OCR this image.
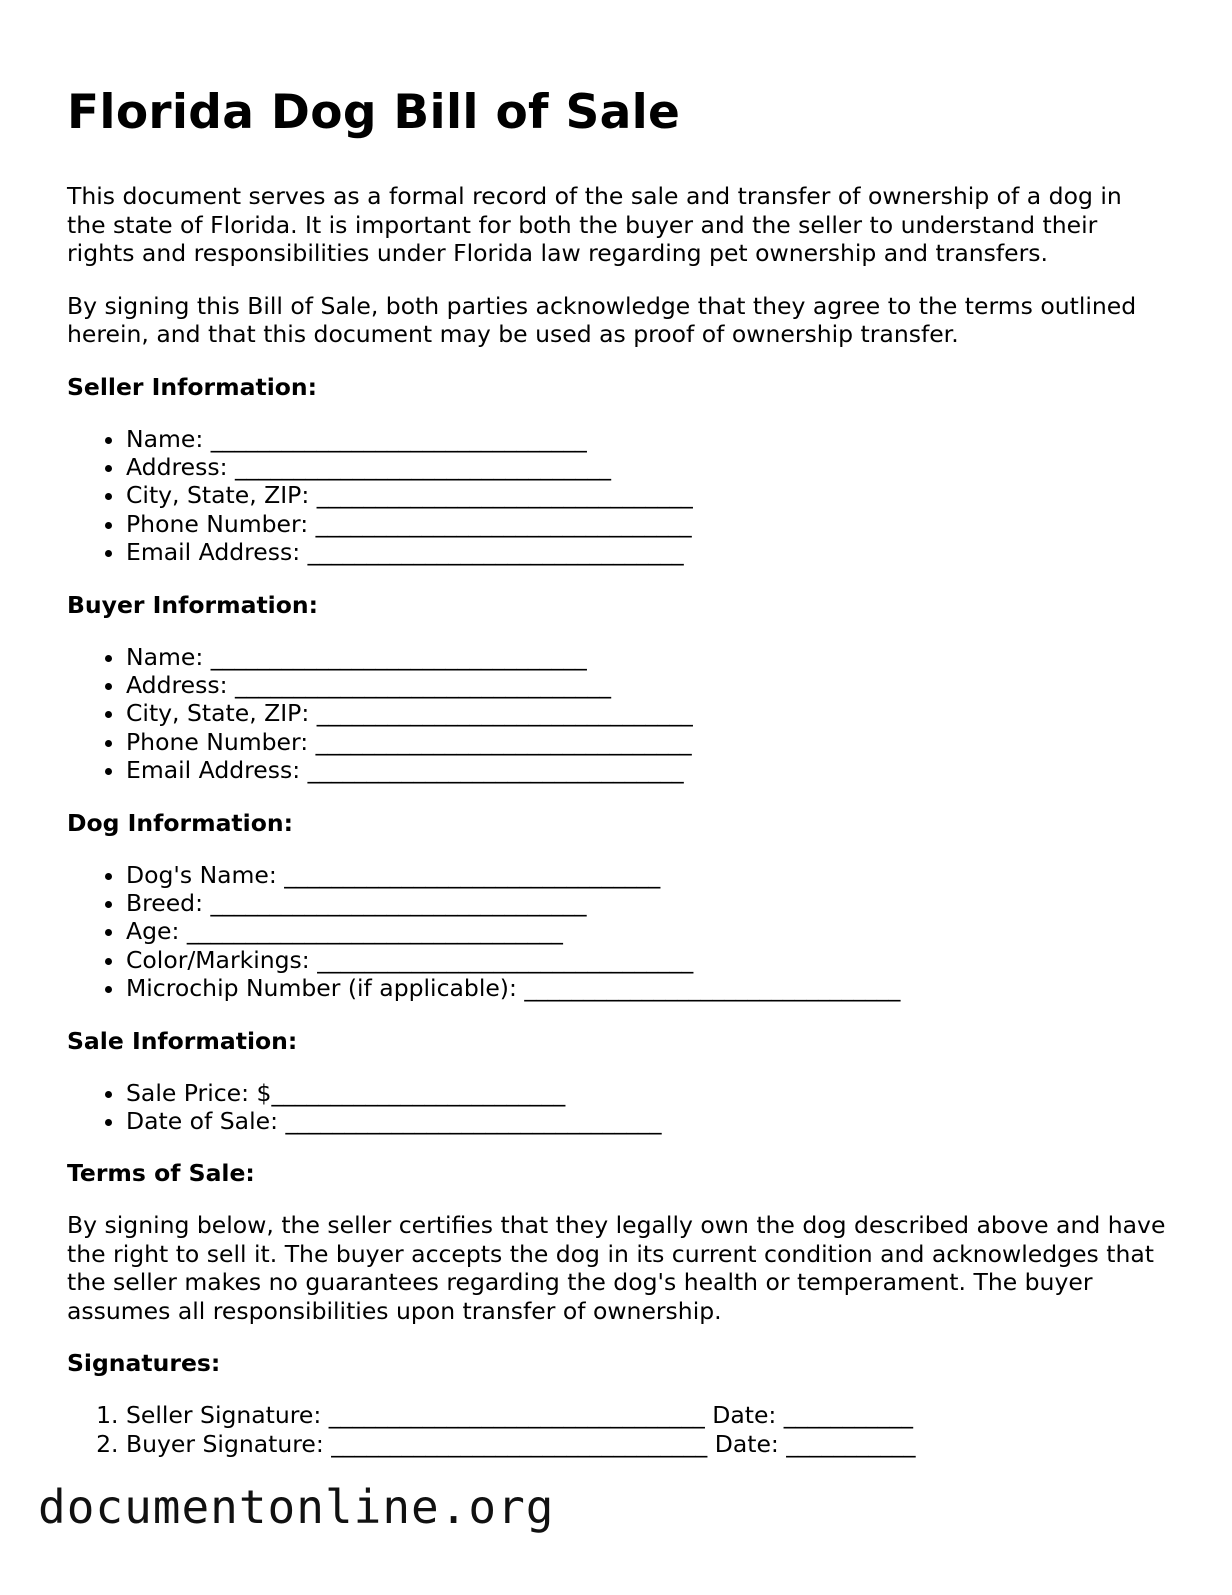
Florida Dog Bill of Sale

This document serves as a formal record of the sale and transfer of ownership of a dog in the state of Florida. It is important for both the buyer and the seller to understand their rights and responsibilities under Florida law regarding pet ownership and transfers.

By signing this Bill of Sale, both parties acknowledge that they agree to the terms outlined herein, and that this document may be used as proof of ownership transfer.

Seller Information:
• Name: ________________________________
• Address: ________________________________
• City, State, ZIP: ________________________________
• Phone Number: ________________________________
• Email Address: ________________________________
Buyer Information:
• Name: ________________________________
• Address: ________________________________
• City, State, ZIP: ________________________________
• Phone Number: ________________________________
• Email Address: ________________________________
Dog Information:
• Dog's Name: ________________________________
• Breed: ________________________________
• Age: ________________________________
• Color/Markings: ________________________________
• Microchip Number (if applicable): ________________________________
Sale Information:
• Sale Price: $_________________________
• Date of Sale: ________________________________
Terms of Sale:

By signing below, the seller certifies that they legally own the dog described above and have the right to sell it. The buyer accepts the dog in its current condition and acknowledges that the seller makes no guarantees regarding the dog's health or temperament. The buyer assumes all responsibilities upon transfer of ownership.

Signatures:
1. Seller Signature: ________________________________ Date: ___________
2. Buyer Signature: ________________________________ Date: ___________
documentonline.org
